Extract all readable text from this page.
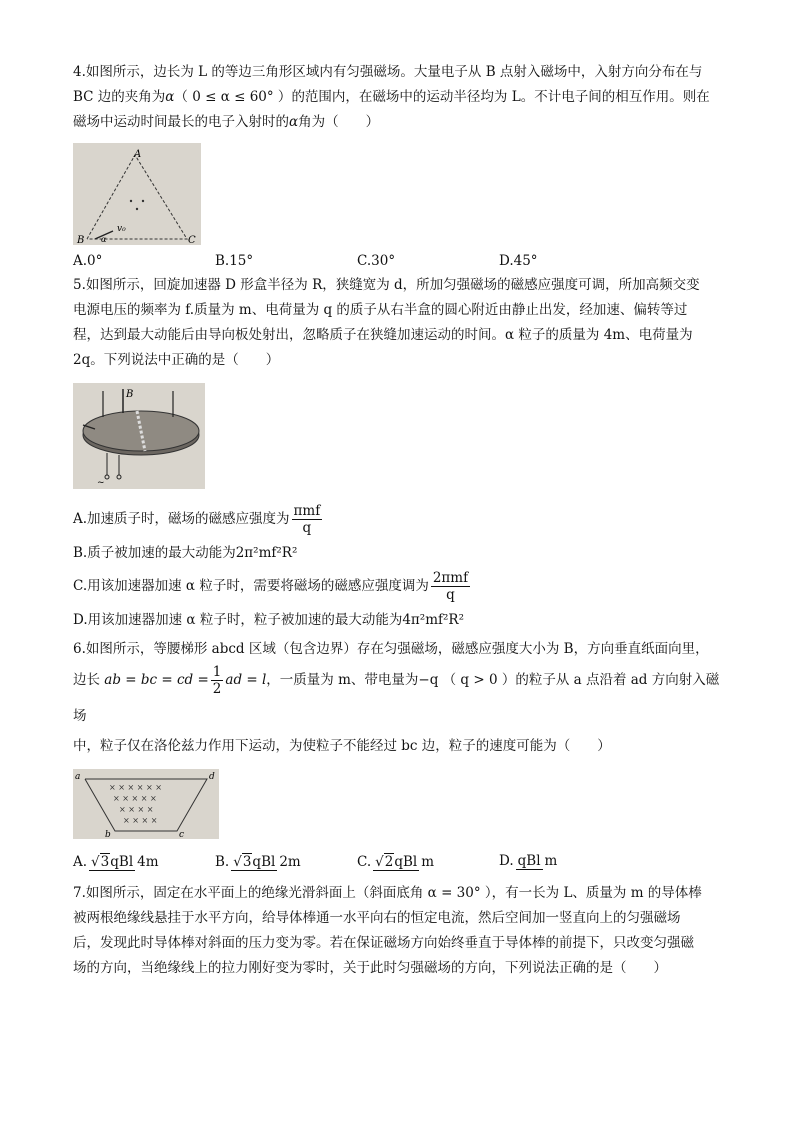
4.如图所示，边长为 L 的等边三角形区域内有匀强磁场。大量电子从 B 点射入磁场中，入射方向分布在与

BC 边的夹角为α（ 0 ≤ α ≤ 60° ）的范围内，在磁场中的运动半径均为 L。不计电子间的相互作用。则在

磁场中运动时间最长的电子入射时的α角为（　　）

A
B	C
v₀
α
A.0°	B.15°	C.30°	D.45°

5.如图所示，回旋加速器 D 形盒半径为 R，狭缝宽为 d，所加匀强磁场的磁感应强度可调，所加高频交变

电源电压的频率为 f.质量为 m、电荷量为 q 的质子从右半盒的圆心附近由静止出发，经加速、偏转等过

程，达到最大动能后由导向板处射出，忽略质子在狭缝加速运动的时间。α 粒子的质量为 4m、电荷量为

2q。下列说法中正确的是（　　）

~
B

A.加速质子时，磁场的磁感应强度为 $\frac{\text{πmf}}{q}$

B.质子被加速的最大动能为2π²mf²R²

C.用该加速器加速 α 粒子时，需要将磁场的磁感应强度调为 $\frac{\text{2πmf}}{q}$

D.用该加速器加速 α 粒子时，粒子被加速的最大动能为4π²mf²R²

6.如图所示，等腰梯形 abcd 区域（包含边界）存在匀强磁场，磁感应强度大小为 B，方向垂直纸面向里，

边长 ab = bc = cd = $\frac{1}{2}$ ad = l，一质量为 m、带电量为−q （ q > 0 ）的粒子从 a 点沿着 ad 方向射入磁场

中，粒子仅在洛伦兹力作用下运动，为使粒子不能经过 bc 边，粒子的速度可能为（　　）

× × × × × ×
× × × × ×
× × × ×
× × × ×
a	d
b	c
A. √3qBl 4m	B. √3qBl 2m	C. √2qBl m	D. qBl m

7.如图所示，固定在水平面上的绝缘光滑斜面上（斜面底角 α = 30° ），有一长为 L、质量为 m 的导体棒

被两根绝缘线悬挂于水平方向，给导体棒通一水平向右的恒定电流，然后空间加一竖直向上的匀强磁场

后，发现此时导体棒对斜面的压力变为零。若在保证磁场方向始终垂直于导体棒的前提下，只改变匀强磁

场的方向，当绝缘线上的拉力刚好变为零时，关于此时匀强磁场的方向，下列说法正确的是（　　）
